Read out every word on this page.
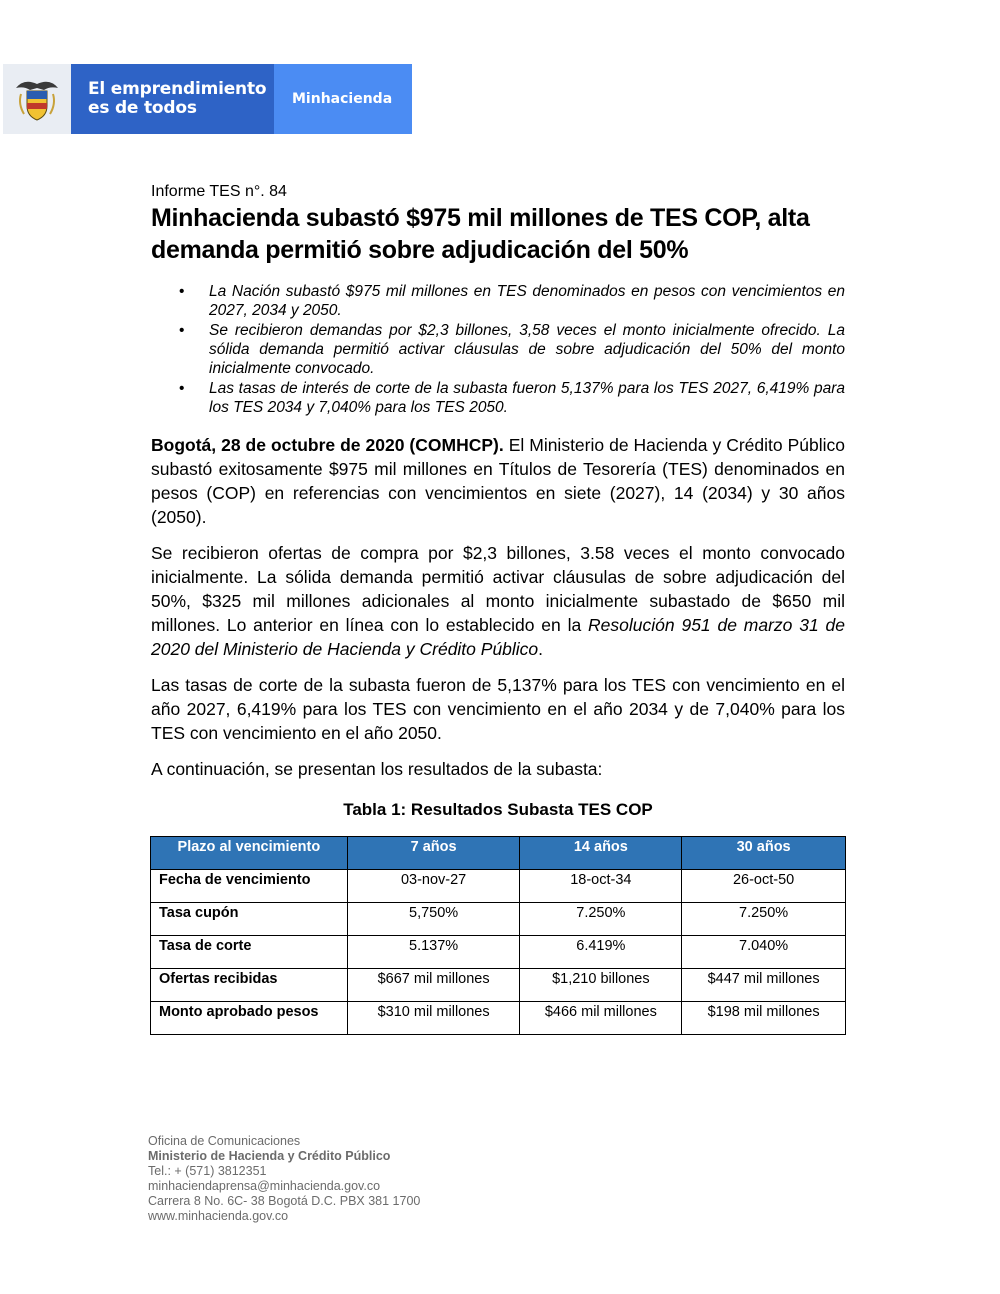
El emprendimiento
es de todos	Minhacienda
Informe TES n°. 84
Minhacienda subastó $975 mil millones de TES COP, alta demanda permitió sobre adjudicación del 50%
• La Nación subastó $975 mil millones en TES denominados en pesos con vencimientos en 2027, 2034 y 2050.
• Se recibieron demandas por $2,3 billones, 3,58 veces el monto inicialmente ofrecido. La sólida demanda permitió activar cláusulas de sobre adjudicación del 50% del monto inicialmente convocado.
• Las tasas de interés de corte de la subasta fueron 5,137% para los TES 2027, 6,419% para los TES 2034 y 7,040% para los TES 2050.

Bogotá, 28 de octubre de 2020 (COMHCP). El Ministerio de Hacienda y Crédito Público subastó exitosamente $975 mil millones en Títulos de Tesorería (TES) denominados en pesos (COP) en referencias con vencimientos en siete (2027), 14 (2034) y 30 años (2050).

Se recibieron ofertas de compra por $2,3 billones, 3.58 veces el monto convocado inicialmente. La sólida demanda permitió activar cláusulas de sobre adjudicación del 50%, $325 mil millones adicionales al monto inicialmente subastado de $650 mil millones. Lo anterior en línea con lo establecido en la Resolución 951 de marzo 31 de 2020 del Ministerio de Hacienda y Crédito Público.

Las tasas de corte de la subasta fueron de 5,137% para los TES con vencimiento en el año 2027, 6,419% para los TES con vencimiento en el año 2034 y de 7,040% para los TES con vencimiento en el año 2050.

A continuación, se presentan los resultados de la subasta:

Tabla 1: Resultados Subasta TES COP
Plazo al vencimiento	7 años	14 años	30 años
Fecha de vencimiento	03-nov-27	18-oct-34	26-oct-50
Tasa cupón	5,750%	7.250%	7.250%
Tasa de corte	5.137%	6.419%	7.040%
Ofertas recibidas	$667 mil millones	$1,210 billones	$447 mil millones
Monto aprobado pesos	$310 mil millones	$466 mil millones	$198 mil millones
Oficina de Comunicaciones
Ministerio de Hacienda y Crédito Público
Tel.: + (571) 3812351
minhaciendaprensa@minhacienda.gov.co
Carrera 8 No. 6C- 38 Bogotá D.C. PBX 381 1700
www.minhacienda.gov.co
